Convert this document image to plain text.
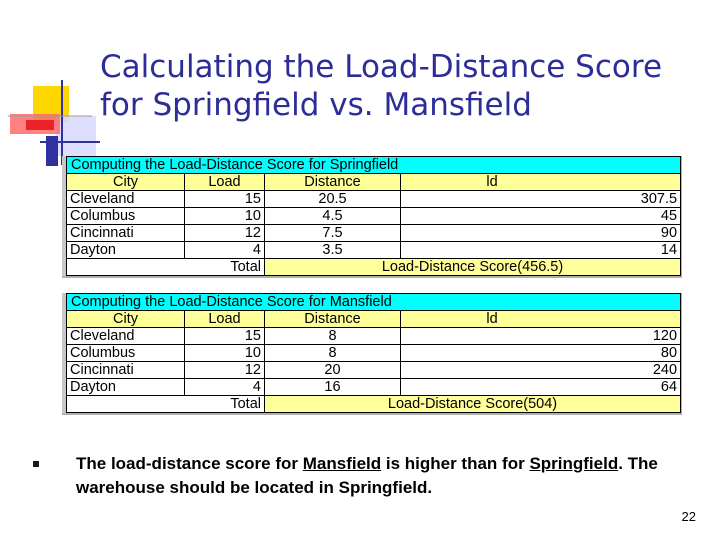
Calculating the Load-Distance Score
for Springfield vs. Mansfield
Computing the Load-Distance Score for Springfield			
City	Load	Distance	ld
Cleveland	15	20.5	307.5
Columbus	10	4.5	45
Cincinnati	12	7.5	90
Dayton	4	3.5	14
Total		Load-Distance Score(456.5)	
Computing the Load-Distance Score for Mansfield			
City	Load	Distance	ld
Cleveland	15	8	120
Columbus	10	8	80
Cincinnati	12	20	240
Dayton	4	16	64
Total		Load-Distance Score(504)	
The load-distance score for Mansfield is higher than for Springfield. The warehouse should be located in Springfield.
22
